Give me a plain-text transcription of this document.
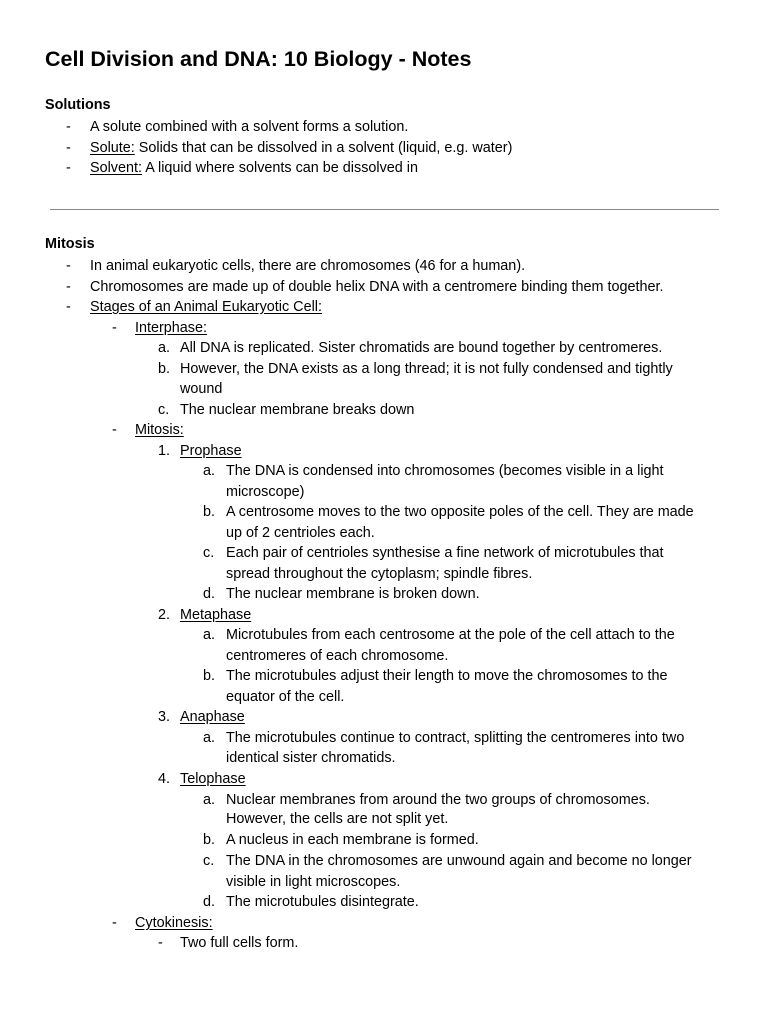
Cell Division and DNA: 10 Biology - Notes
Solutions
- A solute combined with a solvent forms a solution.
- Solute: Solids that can be dissolved in a solvent (liquid, e.g. water)
- Solvent: A liquid where solvents can be dissolved in
Mitosis
- In animal eukaryotic cells, there are chromosomes (46 for a human).
- Chromosomes are made up of double helix DNA with a centromere binding them together.
- Stages of an Animal Eukaryotic Cell:
- Interphase:
a. All DNA is replicated. Sister chromatids are bound together by centromeres.
b. However, the DNA exists as a long thread; it is not fully condensed and tightly
wound
c. The nuclear membrane breaks down
- Mitosis:
1. Prophase
a. The DNA is condensed into chromosomes (becomes visible in a light
microscope)
b. A centrosome moves to the two opposite poles of the cell. They are made
up of 2 centrioles each.
c. Each pair of centrioles synthesise a fine network of microtubules that
spread throughout the cytoplasm; spindle fibres.
d. The nuclear membrane is broken down.
2. Metaphase
a. Microtubules from each centrosome at the pole of the cell attach to the
centromeres of each chromosome.
b. The microtubules adjust their length to move the chromosomes to the
equator of the cell.
3. Anaphase
a. The microtubules continue to contract, splitting the centromeres into two
identical sister chromatids.
4. Telophase
a. Nuclear membranes from around the two groups of chromosomes.
However, the cells are not split yet.
b. A nucleus in each membrane is formed.
c. The DNA in the chromosomes are unwound again and become no longer
visible in light microscopes.
d. The microtubules disintegrate.
- Cytokinesis:
- Two full cells form.
